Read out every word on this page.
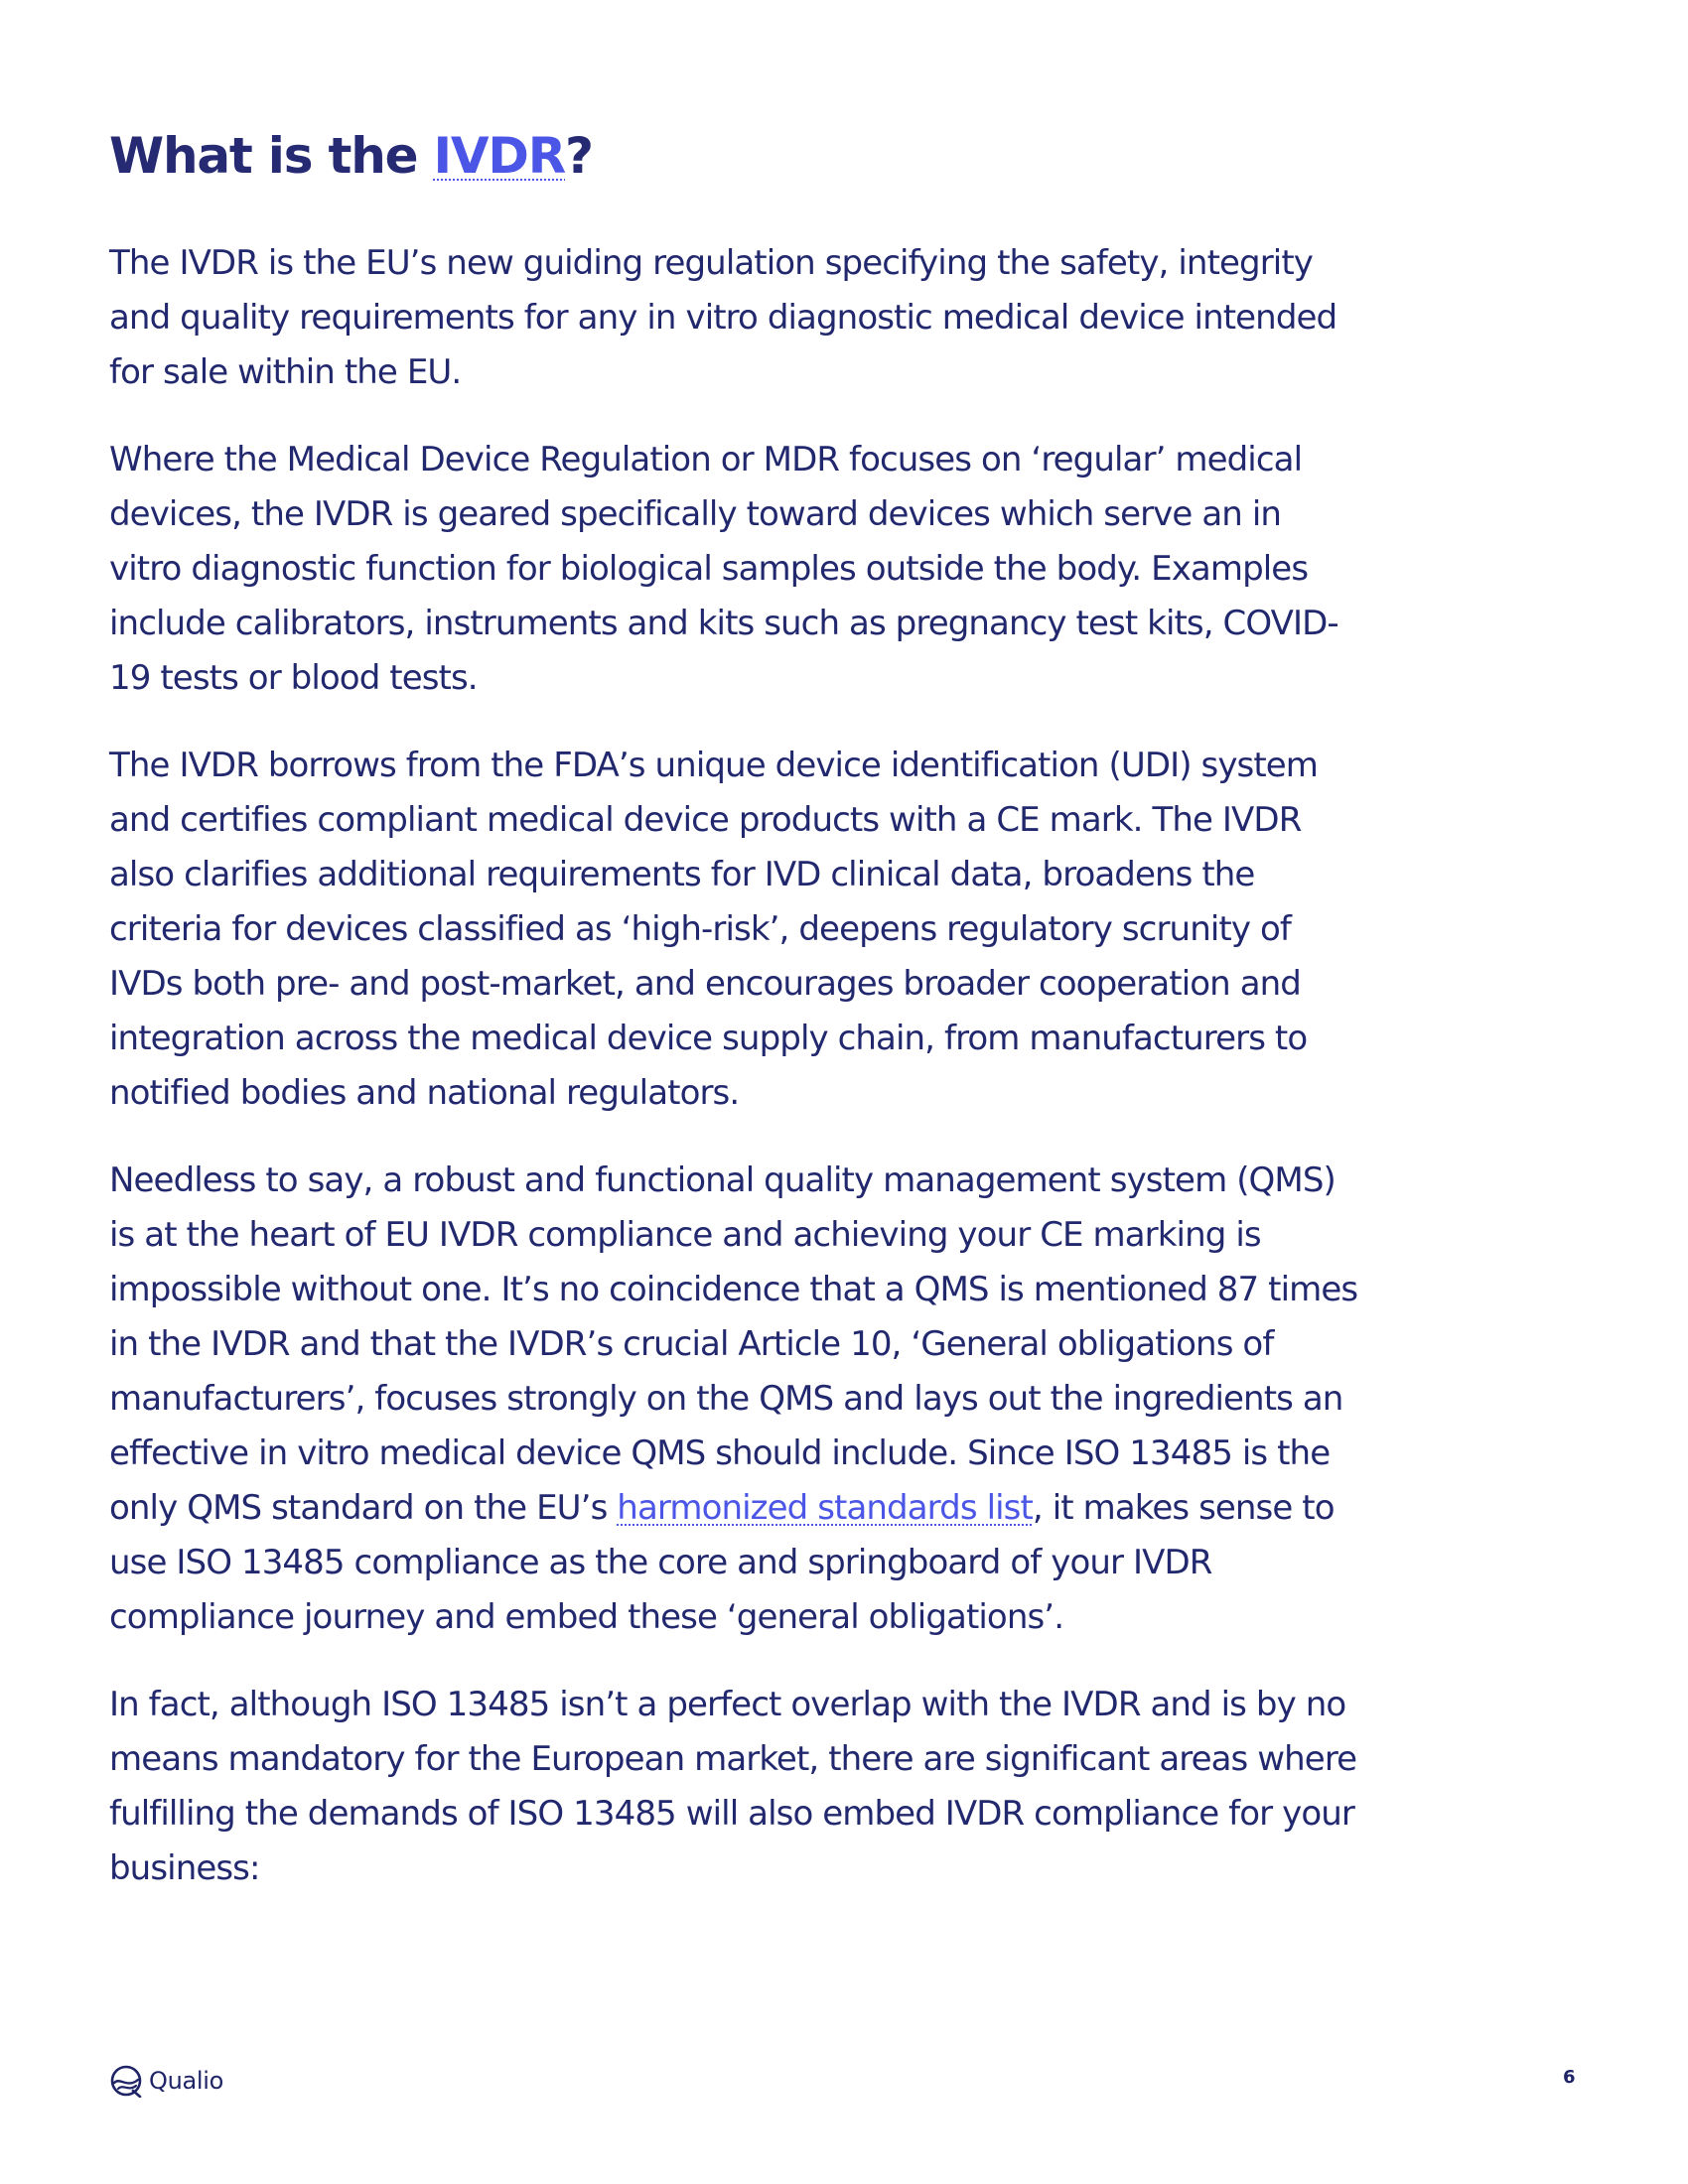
What is the IVDR?

The IVDR is the EU’s new guiding regulation specifying the safety, integrity and quality requirements for any in vitro diagnostic medical device intended for sale within the EU.

Where the Medical Device Regulation or MDR focuses on ‘regular’ medical devices, the IVDR is geared specifically toward devices which serve an in vitro diagnostic function for biological samples outside the body. Examples include calibrators, instruments and kits such as pregnancy test kits, COVID-19 tests or blood tests.

The IVDR borrows from the FDA’s unique device identification (UDI) system and certifies compliant medical device products with a CE mark. The IVDR also clarifies additional requirements for IVD clinical data, broadens the criteria for devices classified as ‘high-risk’, deepens regulatory scrunity of IVDs both pre- and post-market, and encourages broader cooperation and integration across the medical device supply chain, from manufacturers to notified bodies and national regulators.

Needless to say, a robust and functional quality management system (QMS) is at the heart of EU IVDR compliance and achieving your CE marking is impossible without one. It’s no coincidence that a QMS is mentioned 87 times in the IVDR and that the IVDR’s crucial Article 10, ‘General obligations of manufacturers’, focuses strongly on the QMS and lays out the ingredients an effective in vitro medical device QMS should include. Since ISO 13485 is the only QMS standard on the EU’s harmonized standards list, it makes sense to use ISO 13485 compliance as the core and springboard of your IVDR compliance journey and embed these ‘general obligations’.

In fact, although ISO 13485 isn’t a perfect overlap with the IVDR and is by no means mandatory for the European market, there are significant areas where fulfilling the demands of ISO 13485 will also embed IVDR compliance for your business:

Qualio	6
